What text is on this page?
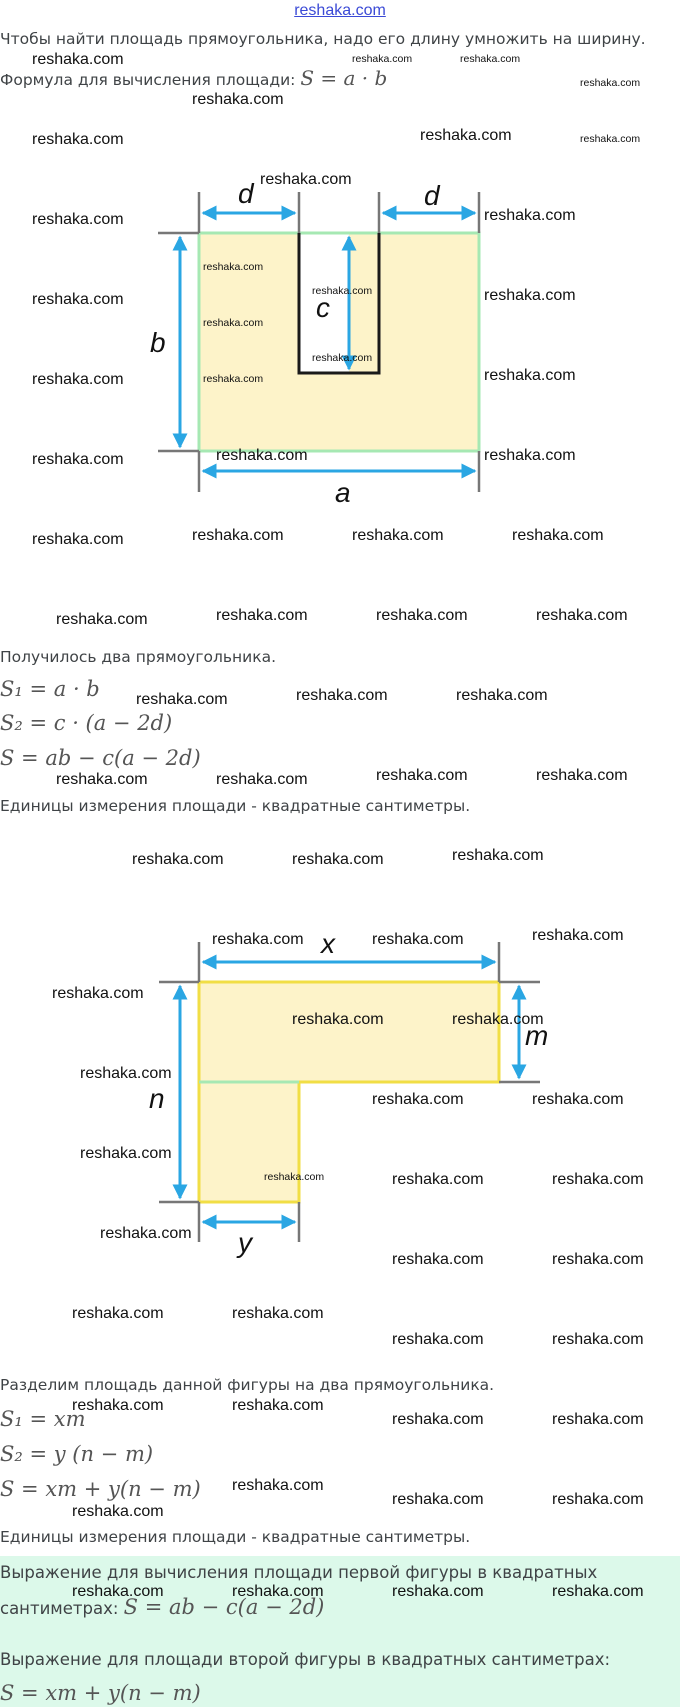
reshaka.com
Чтобы найти площадь прямоугольника, надо его длину умножить на ширину.
Формула для вычисления площади: S = a · b
d	d
b
c
a
Получилось два прямоугольника.
S₁ = a · b
S₂ = c · (a − 2d)
S = ab − c(a − 2d)
Единицы измерения площади - квадратные сантиметры.
x
m
n
y
Разделим площадь данной фигуры на два прямоугольника.
S₁ = xm
S₂ = y (n − m)
S = xm + y(n − m)
Единицы измерения площади - квадратные сантиметры.
Выражение для вычисления площади первой фигуры в квадратных
сантиметрах: S = ab − c(a − 2d)
Выражение для площади второй фигуры в квадратных сантиметрах:
S = xm + y(n − m)
reshaka.com	reshaka.com	reshaka.com
reshaka.com
reshaka.com
reshaka.com	reshaka.com	reshaka.com
reshaka.com
reshaka.com	reshaka.com
reshaka.com
reshaka.com
reshaka.com	reshaka.com
reshaka.com
reshaka.com
reshaka.com	reshaka.com
reshaka.com
reshaka.com
reshaka.com	reshaka.com
reshaka.com	reshaka.com	reshaka.com	reshaka.com
reshaka.com	reshaka.com	reshaka.com	reshaka.com
reshaka.com	reshaka.com	reshaka.com
reshaka.com	reshaka.com	reshaka.com	reshaka.com
reshaka.com	reshaka.com	reshaka.com
reshaka.com	reshaka.com	reshaka.com
reshaka.com
reshaka.com	reshaka.com
reshaka.com
reshaka.com	reshaka.com
reshaka.com
reshaka.com	reshaka.com	reshaka.com
reshaka.com
reshaka.com	reshaka.com
reshaka.com	reshaka.com
reshaka.com	reshaka.com
reshaka.com	reshaka.com
reshaka.com	reshaka.com
reshaka.com
reshaka.com	reshaka.com
reshaka.com
reshaka.com	reshaka.com	reshaka.com	reshaka.com
